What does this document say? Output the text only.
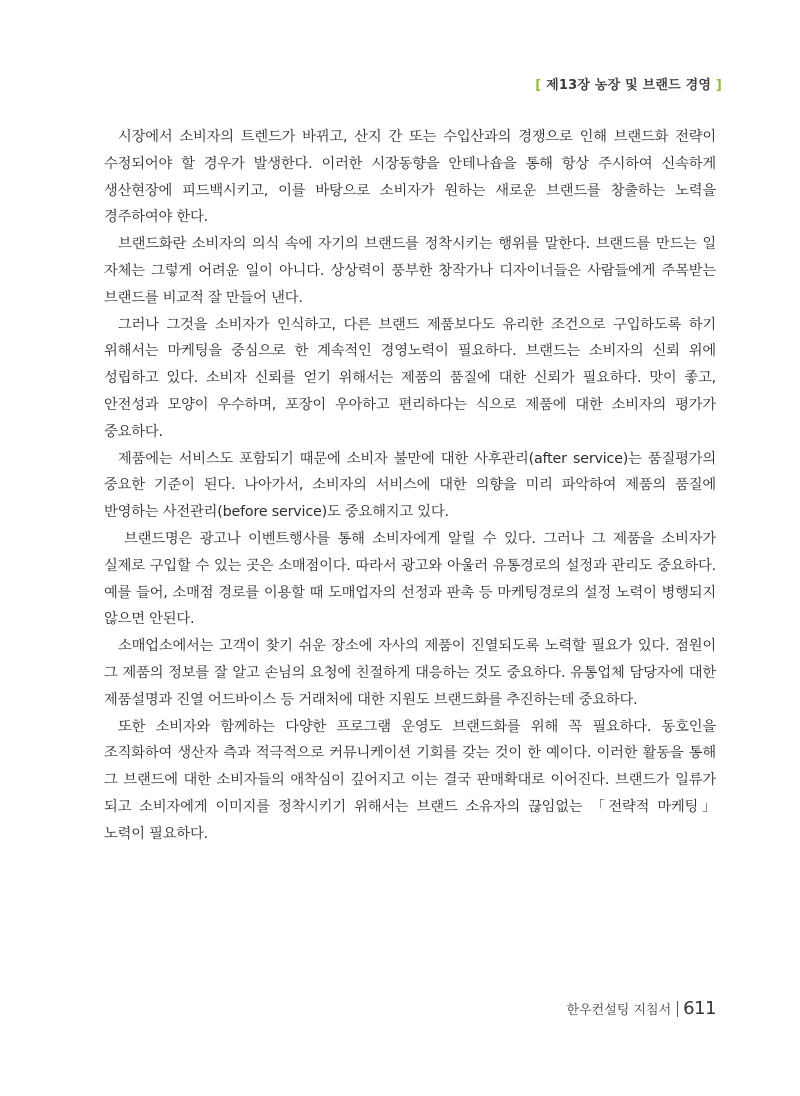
[ 제13장 농장 및 브랜드 경영 ]

시장에서 소비자의 트렌드가 바뀌고, 산지 간 또는 수입산과의 경쟁으로 인해 브랜드화 전략이 수정되어야 할 경우가 발생한다. 이러한 시장동향을 안테나숍을 통해 항상 주시하여 신속하게 생산현장에 피드백시키고, 이를 바탕으로 소비자가 원하는 새로운 브랜드를 창출하는 노력을 경주하여야 한다.

브랜드화란 소비자의 의식 속에 자기의 브랜드를 정착시키는 행위를 말한다. 브랜드를 만드는 일 자체는 그렇게 어려운 일이 아니다. 상상력이 풍부한 창작가나 디자이너들은 사람들에게 주목받는 브랜드를 비교적 잘 만들어 낸다.

그러나 그것을 소비자가 인식하고, 다른 브랜드 제품보다도 유리한 조건으로 구입하도록 하기 위해서는 마케팅을 중심으로 한 계속적인 경영노력이 필요하다. 브랜드는 소비자의 신뢰 위에 성립하고 있다. 소비자 신뢰를 얻기 위해서는 제품의 품질에 대한 신뢰가 필요하다. 맛이 좋고, 안전성과 모양이 우수하며, 포장이 우아하고 편리하다는 식으로 제품에 대한 소비자의 평가가 중요하다.

제품에는 서비스도 포함되기 때문에 소비자 불만에 대한 사후관리(after service)는 품질평가의 중요한 기준이 된다. 나아가서, 소비자의 서비스에 대한 의향을 미리 파악하여 제품의 품질에 반영하는 사전관리(before service)도 중요해지고 있다.

브랜드명은 광고나 이벤트행사를 통해 소비자에게 알릴 수 있다. 그러나 그 제품을 소비자가 실제로 구입할 수 있는 곳은 소매점이다. 따라서 광고와 아울러 유통경로의 설정과 관리도 중요하다. 예를 들어, 소매점 경로를 이용할 때 도매업자의 선정과 판촉 등 마케팅경로의 설정 노력이 병행되지 않으면 안된다.

소매업소에서는 고객이 찾기 쉬운 장소에 자사의 제품이 진열되도록 노력할 필요가 있다. 점원이 그 제품의 정보를 잘 알고 손님의 요청에 친절하게 대응하는 것도 중요하다. 유통업체 담당자에 대한 제품설명과 진열 어드바이스 등 거래처에 대한 지원도 브랜드화를 추진하는데 중요하다.

또한 소비자와 함께하는 다양한 프로그램 운영도 브랜드화를 위해 꼭 필요하다. 동호인을 조직화하여 생산자 측과 적극적으로 커뮤니케이션 기회를 갖는 것이 한 예이다. 이러한 활동을 통해 그 브랜드에 대한 소비자들의 애착심이 깊어지고 이는 결국 판매확대로 이어진다. 브랜드가 일류가 되고 소비자에게 이미지를 정착시키기 위해서는 브랜드 소유자의 끊임없는 「전략적 마케팅」 노력이 필요하다.

한우컨설팅 지침서 611
